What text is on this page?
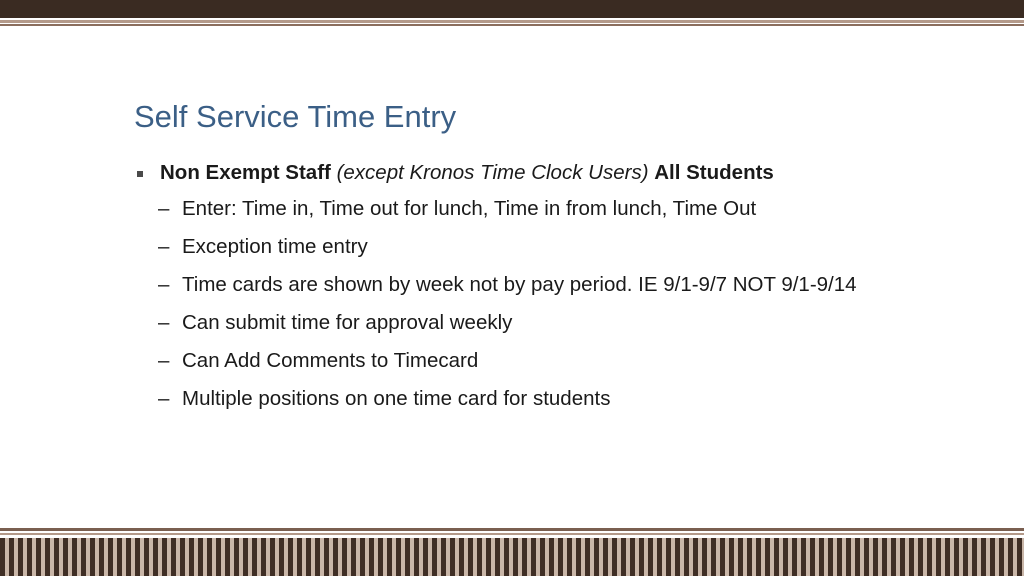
Self Service Time Entry
Non Exempt Staff (except Kronos Time Clock Users) All Students
– Enter: Time in, Time out for lunch, Time in from lunch, Time Out
– Exception time entry
– Time cards are shown by week not by pay period. IE 9/1-9/7 NOT 9/1-9/14
– Can submit time for approval weekly
– Can Add Comments to Timecard
– Multiple positions on one time card for students
